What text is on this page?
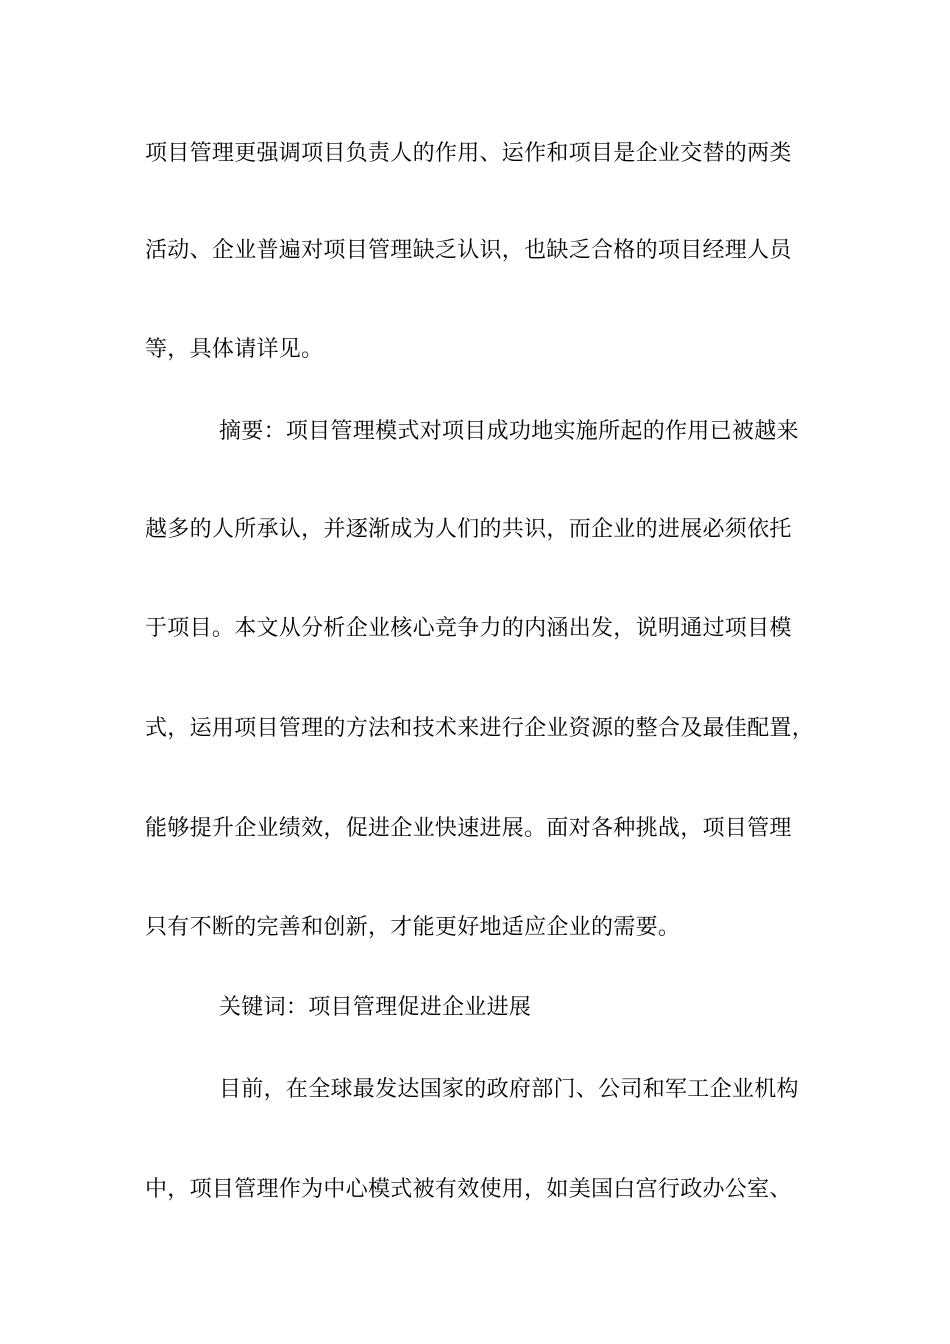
项目管理更强调项目负责人的作用、运作和项目是企业交替的两类
活动、企业普遍对项目管理缺乏认识，也缺乏合格的项目经理人员
等，具体请详见。
摘要：项目管理模式对项目成功地实施所起的作用已被越来
越多的人所承认，并逐渐成为人们的共识，而企业的进展必须依托
于项目。本文从分析企业核心竞争力的内涵出发，说明通过项目模
式，运用项目管理的方法和技术来进行企业资源的整合及最佳配置，
能够提升企业绩效，促进企业快速进展。面对各种挑战，项目管理
只有不断的完善和创新，才能更好地适应企业的需要。
关键词：项目管理促进企业进展
目前，在全球最发达国家的政府部门、公司和军工企业机构
中，项目管理作为中心模式被有效使用，如美国白宫行政办公室、
